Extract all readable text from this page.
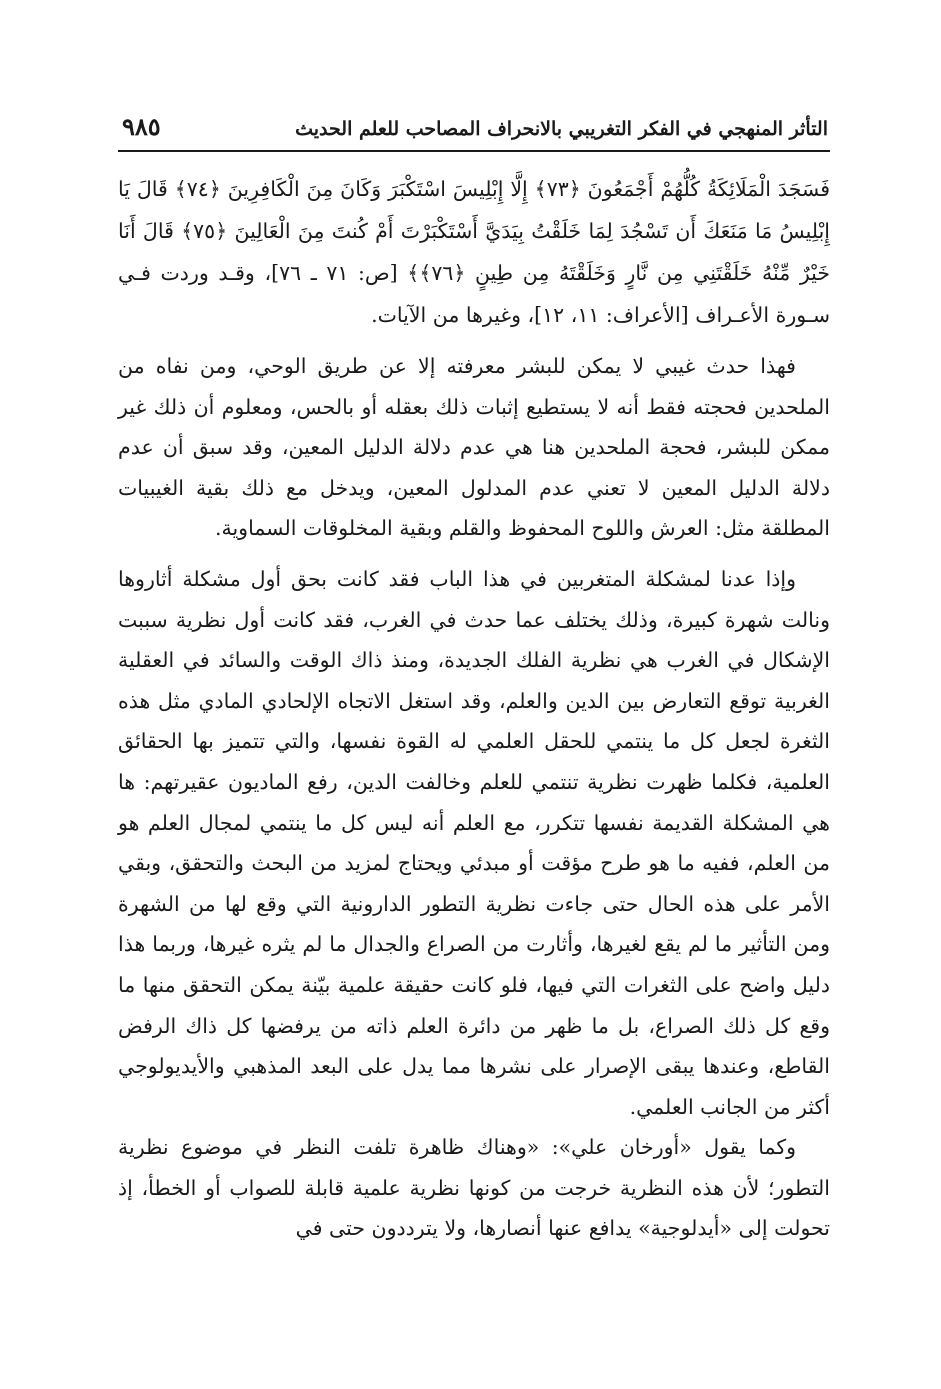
التأثر المنهجي في الفكر التغريبي بالانحراف المصاحب للعلم الحديث
٩٨٥

فَسَجَدَ الْمَلَائِكَةُ كُلُّهُمْ أَجْمَعُونَ ﴿٧٣﴾ إِلَّا إِبْلِيسَ اسْتَكْبَرَ وَكَانَ مِنَ الْكَافِرِينَ ﴿٧٤﴾ قَالَ يَا إِبْلِيسُ مَا مَنَعَكَ أَن تَسْجُدَ لِمَا خَلَقْتُ بِيَدَيَّ أَسْتَكْبَرْتَ أَمْ كُنتَ مِنَ الْعَالِينَ ﴿٧٥﴾ قَالَ أَنَا خَيْرٌ مِّنْهُ خَلَقْتَنِي مِن نَّارٍ وَخَلَقْتَهُ مِن طِينٍ ﴿٧٦﴾﴾ [ص: ٧١ ـ ٧٦]، وقـد وردت فـي سـورة الأعـراف [الأعراف: ١١، ١٢]، وغيرها من الآيات.

فهذا حدث غيبي لا يمكن للبشر معرفته إلا عن طريق الوحي، ومن نفاه من الملحدين فحجته فقط أنه لا يستطيع إثبات ذلك بعقله أو بالحس، ومعلوم أن ذلك غير ممكن للبشر، فحجة الملحدين هنا هي عدم دلالة الدليل المعين، وقد سبق أن عدم دلالة الدليل المعين لا تعني عدم المدلول المعين، ويدخل مع ذلك بقية الغيبيات المطلقة مثل: العرش واللوح المحفوظ والقلم وبقية المخلوقات السماوية.

وإذا عدنا لمشكلة المتغربين في هذا الباب فقد كانت بحق أول مشكلة أثاروها ونالت شهرة كبيرة، وذلك يختلف عما حدث في الغرب، فقد كانت أول نظرية سببت الإشكال في الغرب هي نظرية الفلك الجديدة، ومنذ ذاك الوقت والسائد في العقلية الغربية توقع التعارض بين الدين والعلم، وقد استغل الاتجاه الإلحادي المادي مثل هذه الثغرة لجعل كل ما ينتمي للحقل العلمي له القوة نفسها، والتي تتميز بها الحقائق العلمية، فكلما ظهرت نظرية تنتمي للعلم وخالفت الدين، رفع الماديون عقيرتهم: ها هي المشكلة القديمة نفسها تتكرر، مع العلم أنه ليس كل ما ينتمي لمجال العلم هو من العلم، ففيه ما هو طرح مؤقت أو مبدئي ويحتاج لمزيد من البحث والتحقق، وبقي الأمر على هذه الحال حتى جاءت نظرية التطور الدارونية التي وقع لها من الشهرة ومن التأثير ما لم يقع لغيرها، وأثارت من الصراع والجدال ما لم يثره غيرها، وربما هذا دليل واضح على الثغرات التي فيها، فلو كانت حقيقة علمية بيّنة يمكن التحقق منها ما وقع كل ذلك الصراع، بل ما ظهر من دائرة العلم ذاته من يرفضها كل ذاك الرفض القاطع، وعندها يبقى الإصرار على نشرها مما يدل على البعد المذهبي والأيديولوجي أكثر من الجانب العلمي.

وكما يقول «أورخان علي»: «وهناك ظاهرة تلفت النظر في موضوع نظرية التطور؛ لأن هذه النظرية خرجت من كونها نظرية علمية قابلة للصواب أو الخطأ، إذ تحولت إلى «أيدلوجية» يدافع عنها أنصارها، ولا يترددون حتى في
